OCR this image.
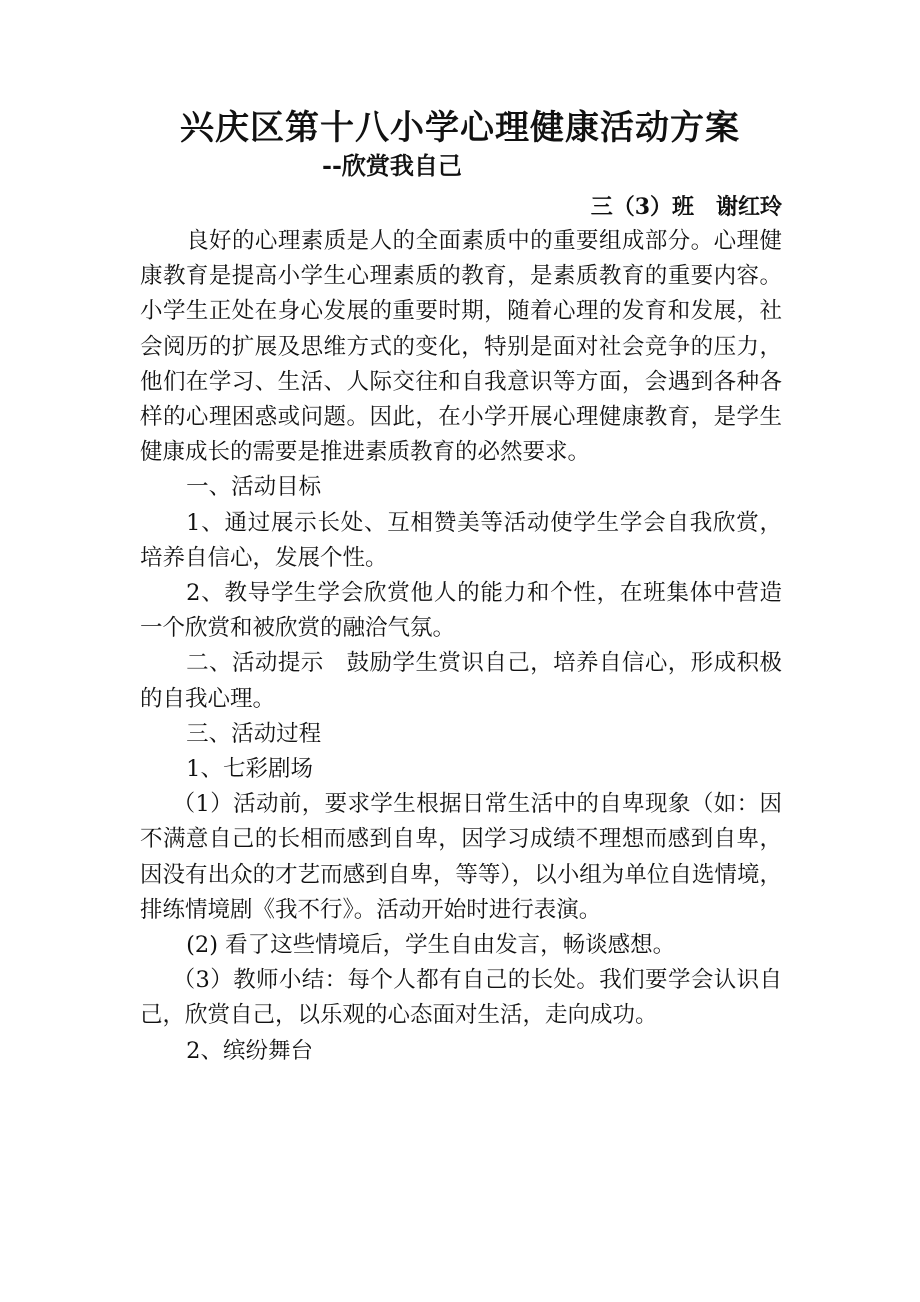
兴庆区第十八小学心理健康活动方案
--欣赏我自己
三（3）班　谢红玲

良好的心理素质是人的全面素质中的重要组成部分。心理健康教育是提高小学生心理素质的教育，是素质教育的重要内容。小学生正处在身心发展的重要时期，随着心理的发育和发展，社会阅历的扩展及思维方式的变化，特别是面对社会竞争的压力，他们在学习、生活、人际交往和自我意识等方面，会遇到各种各样的心理困惑或问题。因此，在小学开展心理健康教育，是学生健康成长的需要是推进素质教育的必然要求。

一、活动目标

1、通过展示长处、互相赞美等活动使学生学会自我欣赏，培养自信心，发展个性。

2、教导学生学会欣赏他人的能力和个性，在班集体中营造一个欣赏和被欣赏的融洽气氛。

二、活动提示　鼓励学生赏识自己，培养自信心，形成积极的自我心理。

三、活动过程

1、七彩剧场

（1）活动前，要求学生根据日常生活中的自卑现象（如：因不满意自己的长相而感到自卑，因学习成绩不理想而感到自卑，因没有出众的才艺而感到自卑，等等），以小组为单位自选情境，排练情境剧《我不行》。活动开始时进行表演。

(2) 看了这些情境后，学生自由发言，畅谈感想。

（3）教师小结：每个人都有自己的长处。我们要学会认识自己，欣赏自己，以乐观的心态面对生活，走向成功。

2、缤纷舞台
